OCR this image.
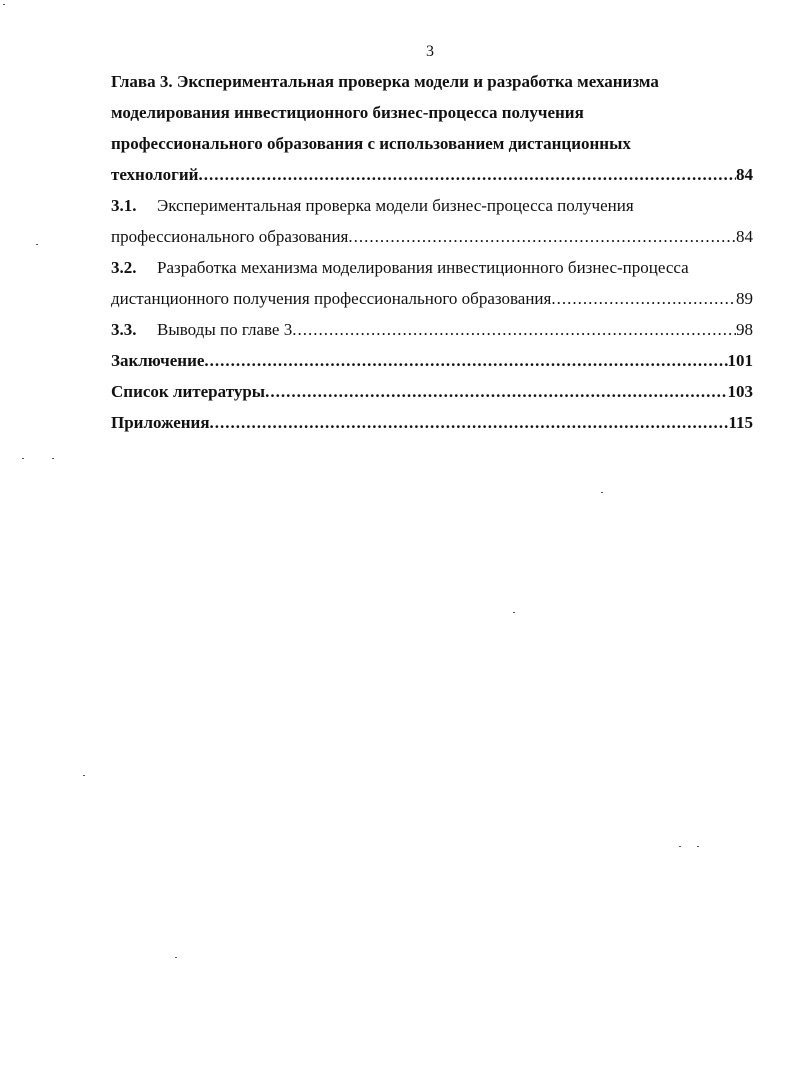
3
Глава 3. Экспериментальная проверка модели и разработка механизма
моделирования инвестиционного бизнес-процесса получения
профессионального образования с использованием дистанционных
технологий .....	84
3.1. Экспериментальная проверка модели бизнес-процесса получения
профессионального образования .....	84
3.2. Разработка механизма моделирования инвестиционного бизнес-процесса
дистанционного получения профессионального образования .....	89
3.3. Выводы по главе 3 .....	98
Заключение .....	101
Список литературы .....	103
Приложения .....	115
